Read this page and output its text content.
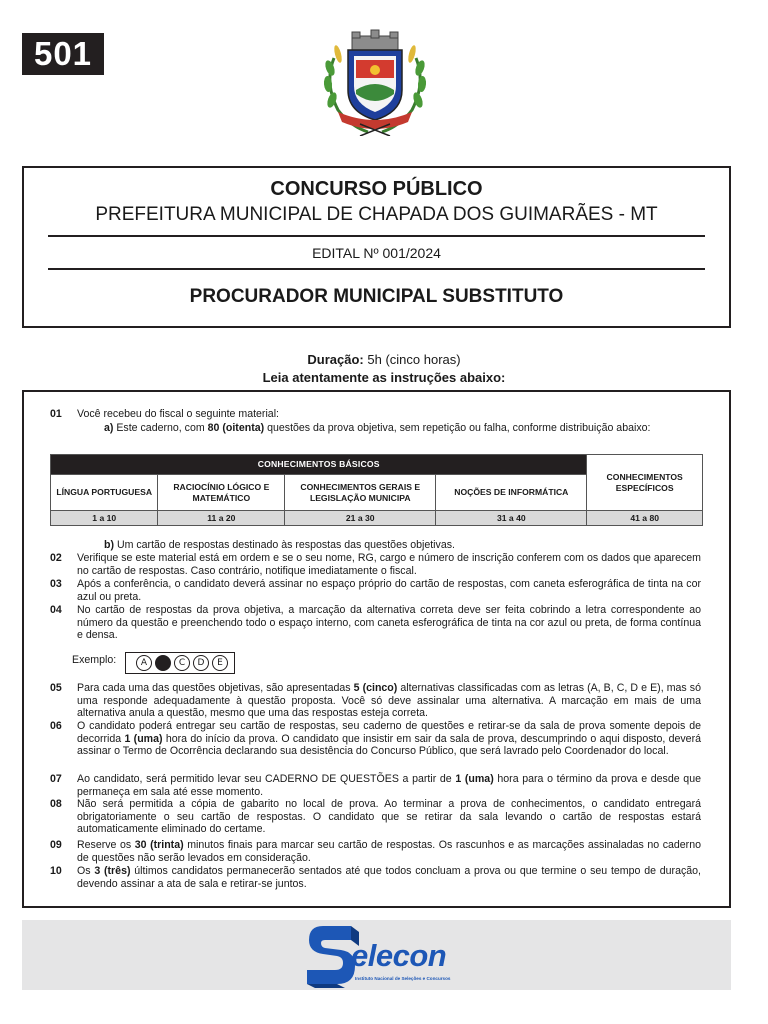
501
CONCURSO PÚBLICO
PREFEITURA MUNICIPAL DE CHAPADA DOS GUIMARÃES - MT
EDITAL Nº 001/2024
PROCURADOR MUNICIPAL SUBSTITUTO
Duração: 5h (cinco horas)
Leia atentamente as instruções abaixo:
01	Você recebeu do fiscal o seguinte material:
a) Este caderno, com 80 (oitenta) questões da prova objetiva, sem repetição ou falha, conforme distribuição abaixo:
CONHECIMENTOS BÁSICOS				CONHECIMENTOS ESPECÍFICOS
LÍNGUA PORTUGUESA	RACIOCÍNIO LÓGICO E MATEMÁTICO	CONHECIMENTOS GERAIS E LEGISLAÇÃO MUNICIPA	NOÇÕES DE INFORMÁTICA	
1 a 10	11 a 20	21 a 30	31 a 40	41 a 80
b) Um cartão de respostas destinado às respostas das questões objetivas.
02	Verifique se este material está em ordem e se o seu nome, RG, cargo e número de inscrição conferem com os dados que aparecem no cartão de respostas. Caso contrário, notifique imediatamente o fiscal.
03	Após a conferência, o candidato deverá assinar no espaço próprio do cartão de respostas, com caneta esferográfica de tinta na cor azul ou preta.
04	No cartão de respostas da prova objetiva, a marcação da alternativa correta deve ser feita cobrindo a letra correspondente ao número da questão e preenchendo todo o espaço interno, com caneta esferográfica de tinta na cor azul ou preta, de forma contínua e densa.
Exemplo:	A	C	D	E
05	Para cada uma das questões objetivas, são apresentadas 5 (cinco) alternativas classificadas com as letras (A, B, C, D e E), mas só uma responde adequadamente à questão proposta. Você só deve assinalar uma alternativa. A marcação em mais de uma alternativa anula a questão, mesmo que uma das respostas esteja correta.
06	O candidato poderá entregar seu cartão de respostas, seu caderno de questões e retirar-se da sala de prova somente depois de decorrida 1 (uma) hora do início da prova. O candidato que insistir em sair da sala de prova, descumprindo o aqui disposto, deverá assinar o Termo de Ocorrência declarando sua desistência do Concurso Público, que será lavrado pelo Coordenador do local.
07	Ao candidato, será permitido levar seu CADERNO DE QUESTÕES a partir de 1 (uma) hora para o término da prova e desde que permaneça em sala até esse momento.
08	Não será permitida a cópia de gabarito no local de prova. Ao terminar a prova de conhecimentos, o candidato entregará obrigatoriamente o seu cartão de respostas. O candidato que se retirar da sala levando o cartão de respostas estará automaticamente eliminado do certame.
09	Reserve os 30 (trinta) minutos finais para marcar seu cartão de respostas. Os rascunhos e as marcações assinaladas no caderno de questões não serão levados em consideração.
10	Os 3 (três) últimos candidatos permanecerão sentados até que todos concluam a prova ou que termine o seu tempo de duração, devendo assinar a ata de sala e retirar-se juntos.
elecon
Instituto Nacional de Seleções e Concursos
